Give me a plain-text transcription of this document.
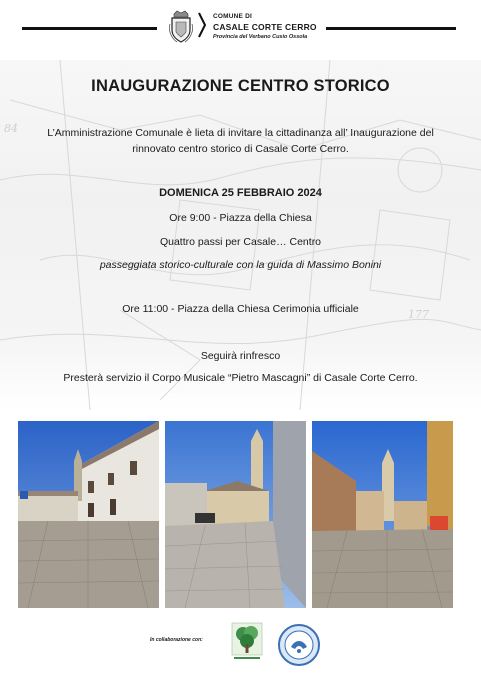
84
177
COMUNE DI
CASALE CORTE CERRO
Provincia del Verbano Cusio Ossola
INAUGURAZIONE CENTRO STORICO
L’Amministrazione Comunale è lieta di invitare la cittadinanza all’ Inaugurazione del rinnovato centro storico di Casale Corte Cerro.
DOMENICA 25 FEBBRAIO 2024
Ore 9:00 - Piazza della Chiesa
Quattro passi per Casale… Centro
passeggiata storico-culturale con la guida di Massimo Bonini
Ore 11:00 - Piazza della Chiesa Cerimonia ufficiale
Seguirà rinfresco
Presterà servizio il Corpo Musicale “Pietro Mascagni” di Casale Corte Cerro.
In collaborazione con:
